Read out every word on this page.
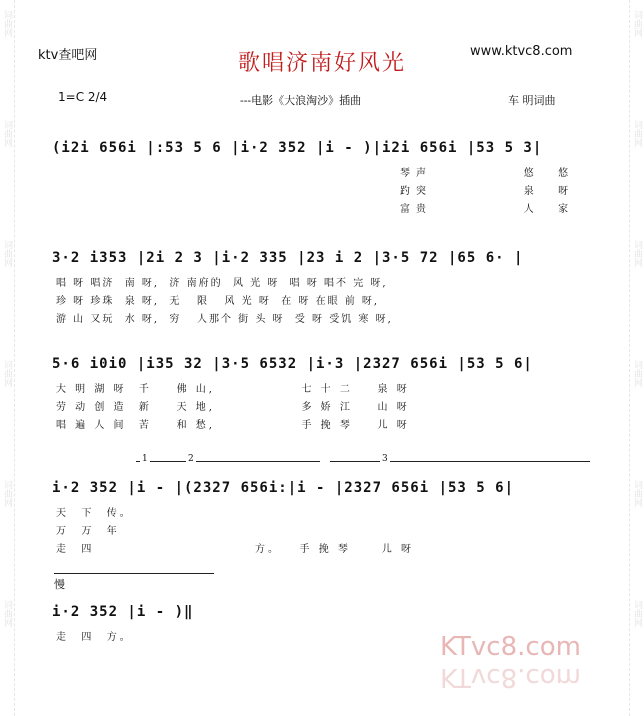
词曲网
词曲网
词曲网
词曲网
词曲网
词曲网
词曲网
词曲网
词曲网
词曲网
词曲网
词曲网
ktv查吧网	歌唱济南好风光	www.ktvc8.com
1=C 2/4	---电影《大浪淘沙》插曲	车 明词曲
(i2i 656i |:53 5 6 |i·2 352 |i - )|i2i 656i |53 5 3|
琴声          悠  悠
趵突          泉  呀
富贵          人  家
3·2 i353 |2i 2 3 |i·2 335 |23 i 2 |3·5 72 |65 6· |
唱 呀 唱济  南 呀,  济 南府的  风 光 呀  唱 呀 唱不 完 呀,
珍 呀 珍珠  泉 呀,  无   限   风 光 呀  在 呀 在眼 前 呀,
游 山 又玩  水 呀,  穷   人那个 街 头 呀  受 呀 受饥 寒 呀,
5·6 i0i0 |i35 32 |3·5 6532 |i·3 |2327 656i |53 5 6|
大 明 湖 呀  千    佛 山,              七 十 二    泉 呀
劳 动 创 造  新    天 地,              多 娇 江    山 呀
唱 遍 人 间  苦    和 愁,              手 挽 琴    儿 呀
1	2	3
i·2 352 |i - |(2327 656i:|i - |2327 656i |53 5 6|
天  下  传。
万  万  年
走  四                          方。   手 挽 琴     儿 呀
慢
i·2 352 |i - )‖
走  四  方。	KTvc8.com
KTvc8.com
